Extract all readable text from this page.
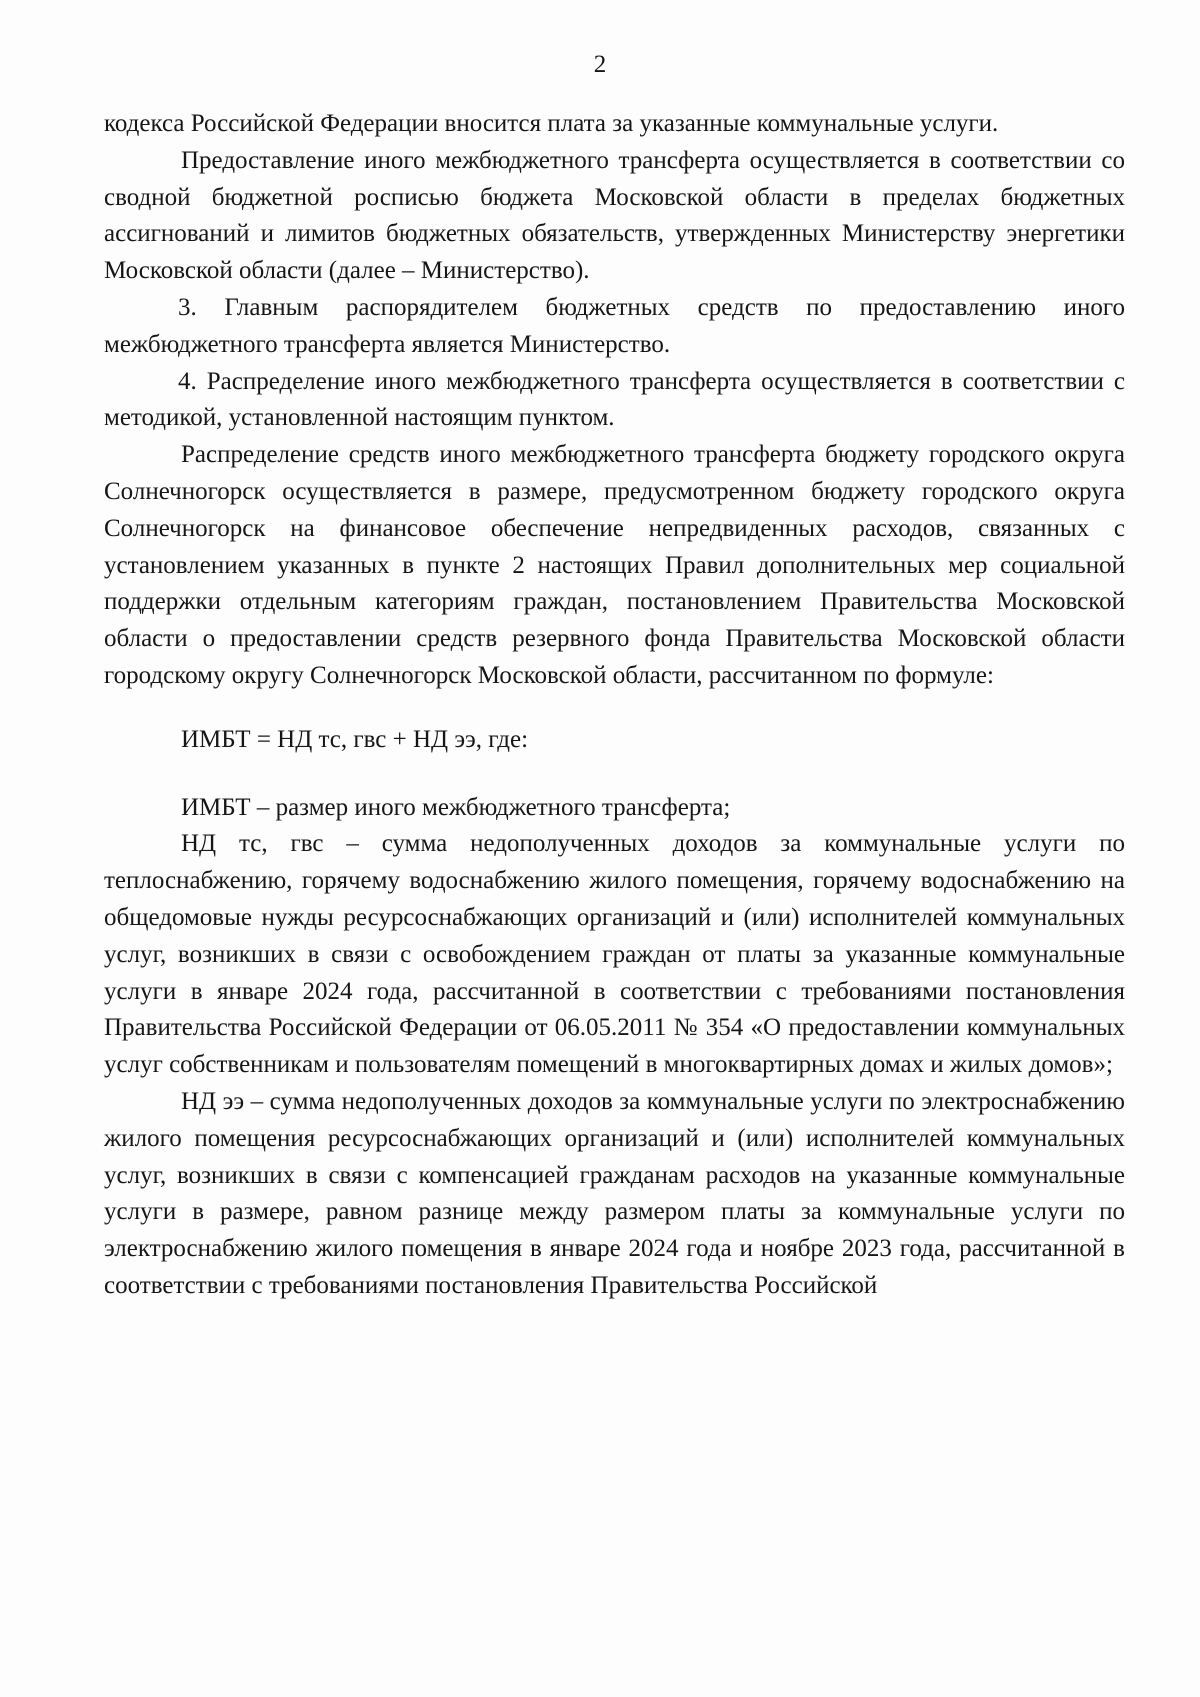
2

кодекса Российской Федерации вносится плата за указанные коммунальные услуги.

Предоставление иного межбюджетного трансферта осуществляется в соответствии со сводной бюджетной росписью бюджета Московской области в пределах бюджетных ассигнований и лимитов бюджетных обязательств, утвержденных Министерству энергетики Московской области (далее – Министерство).

3. Главным распорядителем бюджетных средств по предоставлению иного межбюджетного трансферта является Министерство.

4. Распределение иного межбюджетного трансферта осуществляется в соответствии с методикой, установленной настоящим пунктом.

Распределение средств иного межбюджетного трансферта бюджету городского округа Солнечногорск осуществляется в размере, предусмотренном бюджету городского округа Солнечногорск на финансовое обеспечение непредвиденных расходов, связанных с установлением указанных в пункте 2 настоящих Правил дополнительных мер социальной поддержки отдельным категориям граждан, постановлением Правительства Московской области о предоставлении средств резервного фонда Правительства Московской области городскому округу Солнечногорск Московской области, рассчитанном по формуле:

ИМБТ = НД тс, гвс + НД ээ, где:

ИМБТ – размер иного межбюджетного трансферта;

НД тс, гвс – сумма недополученных доходов за коммунальные услуги по теплоснабжению, горячему водоснабжению жилого помещения, горячему водоснабжению на общедомовые нужды ресурсоснабжающих организаций и (или) исполнителей коммунальных услуг, возникших в связи с освобождением граждан от платы за указанные коммунальные услуги в январе 2024 года, рассчитанной в соответствии с требованиями постановления Правительства Российской Федерации от 06.05.2011 № 354 «О предоставлении коммунальных услуг собственникам и пользователям помещений в многоквартирных домах и жилых домов»;

НД ээ – сумма недополученных доходов за коммунальные услуги по электроснабжению жилого помещения ресурсоснабжающих организаций и (или) исполнителей коммунальных услуг, возникших в связи с компенсацией гражданам расходов на указанные коммунальные услуги в размере, равном разнице между размером платы за коммунальные услуги по электроснабжению жилого помещения в январе 2024 года и ноябре 2023 года, рассчитанной в соответствии с требованиями постановления Правительства Российской
